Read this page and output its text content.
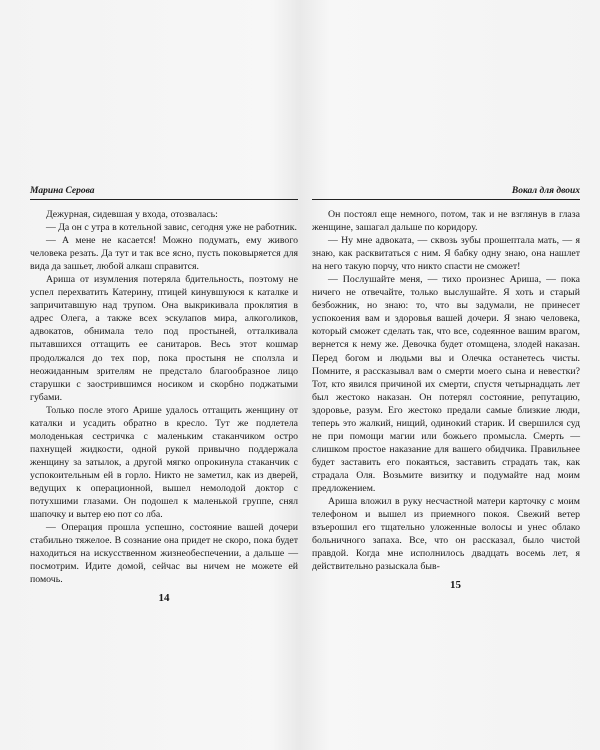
Марина Серова

Дежурная, сидевшая у входа, отозвалась:

— Да он с утра в котельной завис, сегодня уже не работник.

— А мене не касается! Можно подумать, ему живого человека резать. Да тут и так все ясно, пусть поковыряется для вида да зашьет, любой алкаш справится.

Ариша от изумления потеряла бдительность, поэтому не успел перехватить Катерину, птицей кинувшуюся к каталке и запричитавшую над трупом. Она выкрикивала проклятия в адрес Олега, а также всех эскулапов мира, алкоголиков, адвокатов, обнимала тело под простыней, отталкивала пытавшихся оттащить ее санитаров. Весь этот кошмар продолжался до тех пор, пока простыня не сползла и неожиданным зрителям не предстало благообразное лицо старушки с заострившимся носиком и скорбно поджатыми губами.

Только после этого Арише удалось оттащить женщину от каталки и усадить обратно в кресло. Тут же подлетела молоденькая сестричка с маленьким стаканчиком остро пахнущей жидкости, одной рукой привычно поддержала женщину за затылок, а другой мягко опрокинула стаканчик с успокоительным ей в горло. Никто не заметил, как из дверей, ведущих к операционной, вышел немолодой доктор с потухшими глазами. Он подошел к маленькой группе, снял шапочку и вытер ею пот со лба.

— Операция прошла успешно, состояние вашей дочери стабильно тяжелое. В сознание она придет не скоро, пока будет находиться на искусственном жизнеобеспечении, а дальше — посмотрим. Идите домой, сейчас вы ничем не можете ей помочь.

14
Вокал для двоих

Он постоял еще немного, потом, так и не взглянув в глаза женщине, зашагал дальше по коридору.

— Ну мне адвоката, — сквозь зубы прошептала мать, — я знаю, как расквитаться с ним. Я бабку одну знаю, она нашлет на него такую порчу, что никто спасти не сможет!

— Послушайте меня, — тихо произнес Ариша, — пока ничего не отвечайте, только выслушайте. Я хоть и старый безбожник, но знаю: то, что вы задумали, не принесет успокоения вам и здоровья вашей дочери. Я знаю человека, который сможет сделать так, что все, содеянное вашим врагом, вернется к нему же. Девочка будет отомщена, злодей наказан. Перед богом и людьми вы и Олечка останетесь чисты. Помните, я рассказывал вам о смерти моего сына и невестки? Тот, кто явился причиной их смерти, спустя четырнадцать лет был жестоко наказан. Он потерял состояние, репутацию, здоровье, разум. Его жестоко предали самые близкие люди, теперь это жалкий, нищий, одинокий старик. И свершился суд не при помощи магии или божьего промысла. Смерть — слишком простое наказание для вашего обидчика. Правильнее будет заставить его покаяться, заставить страдать так, как страдала Оля. Возьмите визитку и подумайте над моим предложением.

Ариша вложил в руку несчастной матери карточку с моим телефоном и вышел из приемного покоя. Свежий ветер взъерошил его тщательно уложенные волосы и унес облако больничного запаха. Все, что он рассказал, было чистой правдой. Когда мне исполнилось двадцать восемь лет, я действительно разыскала быв-

15
